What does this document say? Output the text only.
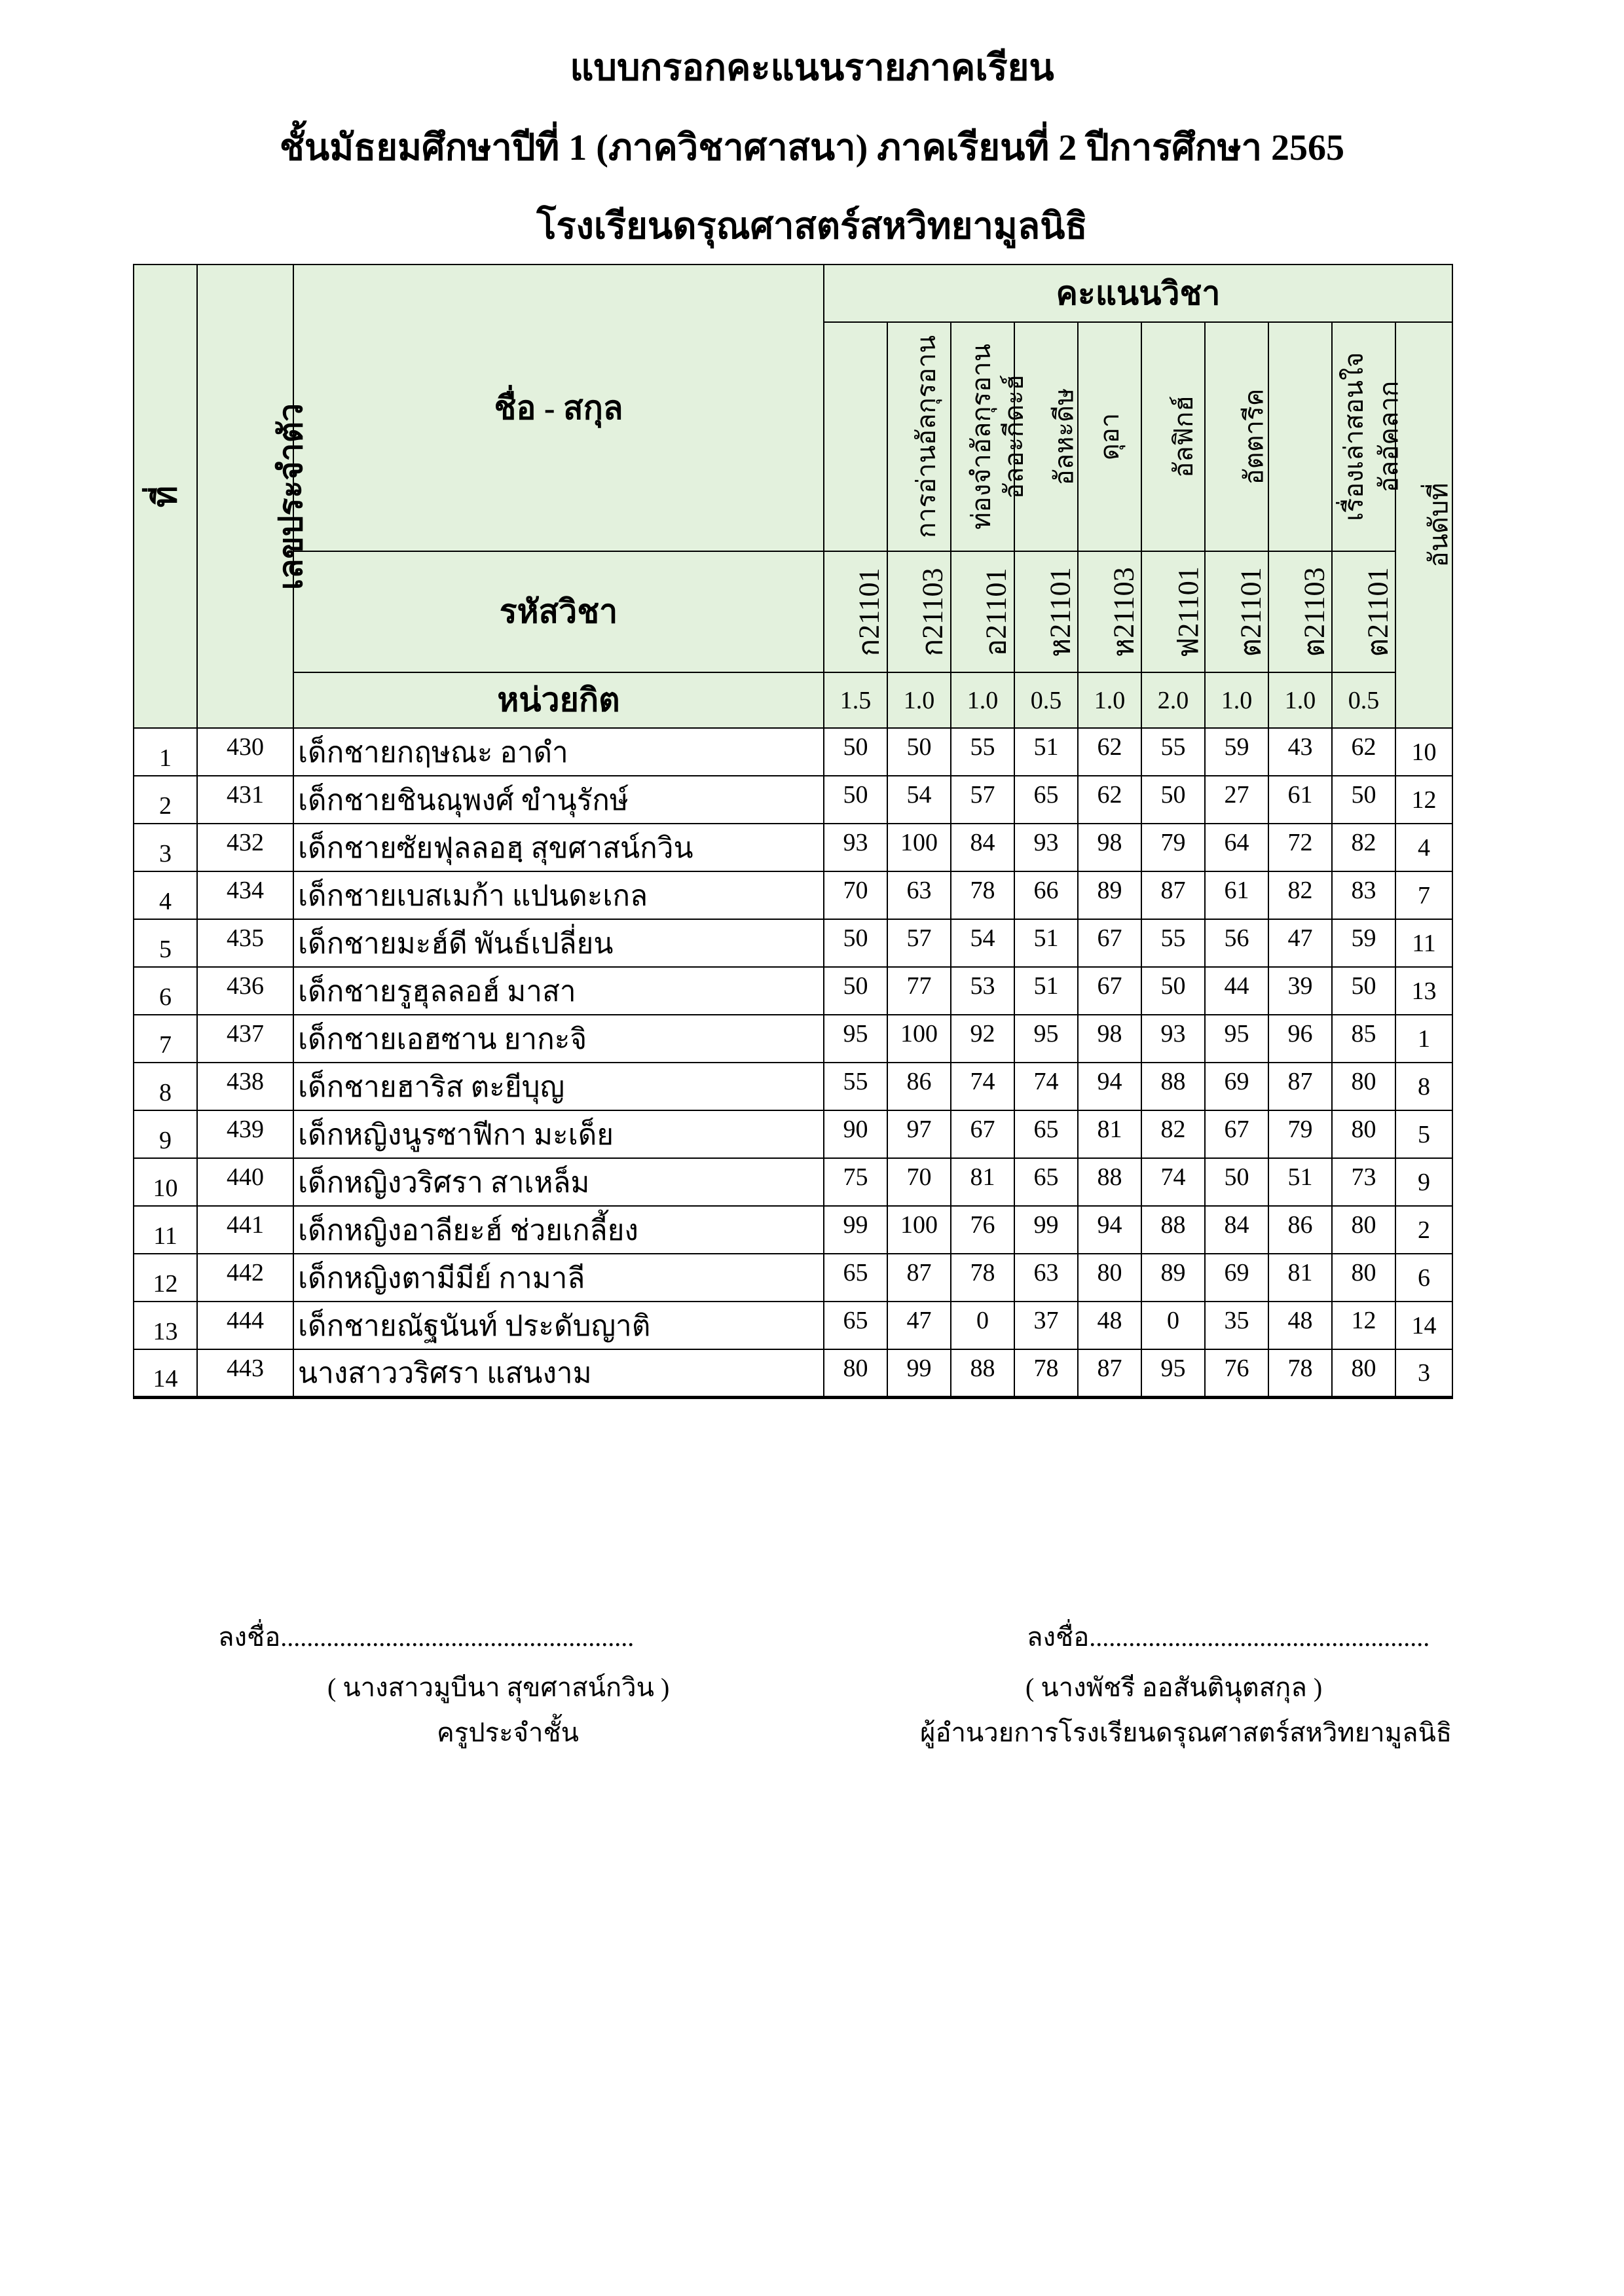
แบบกรอกคะแนนรายภาคเรียน
ชั้นมัธยมศึกษาปีที่ 1 (ภาควิชาศาสนา) ภาคเรียนที่ 2 ปีการศึกษา 2565
โรงเรียนดรุณศาสตร์สหวิทยามูลนิธิ
ที่	เลขประจำตัว	ชื่อ - สกุล	คะแนนวิชา									
			การอ่านอัลกุรอาน	ท่องจำอัลกุรอาน	อัลอะกีดะฮ์	อัลหะดีษ	ดุอา	อัลฟิกฮ์	อัตตารีค	เรื่องเล่าสอนใจ	อัลอัคลาก	อันดับที่
		รหัสวิชา	ก21101	ก21103	อ21101	ห21101	ห21103	ฟ21101	ต21101	ต21103	ต21101	
		หน่วยกิต	1.5	1.0	1.0	0.5	1.0	2.0	1.0	1.0	0.5	
1	430	เด็กชายกฤษณะ อาดำ	50	50	55	51	62	55	59	43	62	10
2	431	เด็กชายชินณุพงศ์ ขำนุรักษ์	50	54	57	65	62	50	27	61	50	12
3	432	เด็กชายซัยฟุลลอฮฺ สุขศาสน์กวิน	93	100	84	93	98	79	64	72	82	4
4	434	เด็กชายเบสเมก้า แปนดะเกล	70	63	78	66	89	87	61	82	83	7
5	435	เด็กชายมะฮ์ดี พันธ์เปลี่ยน	50	57	54	51	67	55	56	47	59	11
6	436	เด็กชายรูฮุลลอฮ์ มาสา	50	77	53	51	67	50	44	39	50	13
7	437	เด็กชายเอฮซาน ยากะจิ	95	100	92	95	98	93	95	96	85	1
8	438	เด็กชายฮาริส ตะยีบุญ	55	86	74	74	94	88	69	87	80	8
9	439	เด็กหญิงนูรซาฟีกา มะเด็ย	90	97	67	65	81	82	67	79	80	5
10	440	เด็กหญิงวริศรา สาเหล็ม	75	70	81	65	88	74	50	51	73	9
11	441	เด็กหญิงอาลียะฮ์ ช่วยเกลี้ยง	99	100	76	99	94	88	84	86	80	2
12	442	เด็กหญิงตามีมีย์ กามาลี	65	87	78	63	80	89	69	81	80	6
13	444	เด็กชายณัฐนันท์ ประดับญาติ	65	47	0	37	48	0	35	48	12	14
14	443	นางสาววริศรา แสนงาม	80	99	88	78	87	95	76	78	80	3
ลงชื่อ......................................................
( นางสาวมูบีนา สุขศาสน์กวิน )
ครูประจำชั้น
ลงชื่อ....................................................
( นางพัชรี ออสันตินุตสกุล )
ผู้อำนวยการโรงเรียนดรุณศาสตร์สหวิทยามูลนิธิ
